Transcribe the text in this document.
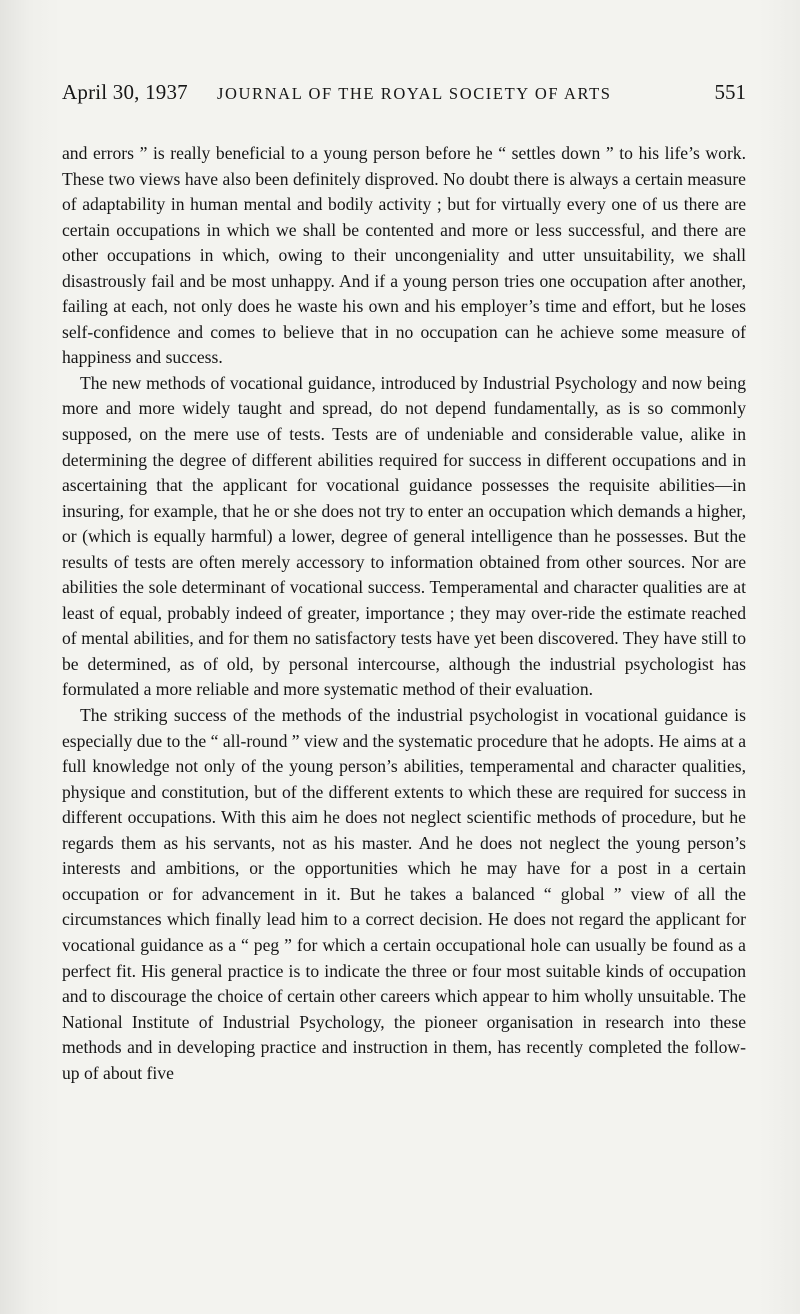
April 30, 1937 JOURNAL OF THE ROYAL SOCIETY OF ARTS	551

and errors ” is really beneficial to a young person before he “ settles down ” to his life’s work. These two views have also been definitely disproved. No doubt there is always a certain measure of adaptability in human mental and bodily activity ; but for virtually every one of us there are certain occupations in which we shall be contented and more or less successful, and there are other occupations in which, owing to their uncongeniality and utter unsuitability, we shall disastrously fail and be most unhappy. And if a young person tries one occupation after another, failing at each, not only does he waste his own and his employer’s time and effort, but he loses self-confidence and comes to believe that in no occupation can he achieve some measure of happiness and success.

The new methods of vocational guidance, introduced by Industrial Psychology and now being more and more widely taught and spread, do not depend fundamentally, as is so commonly supposed, on the mere use of tests. Tests are of undeniable and considerable value, alike in determining the degree of different abilities required for success in different occupations and in ascertaining that the applicant for vocational guidance possesses the requisite abilities—in insuring, for example, that he or she does not try to enter an occupation which demands a higher, or (which is equally harmful) a lower, degree of general intelligence than he possesses. But the results of tests are often merely accessory to information obtained from other sources. Nor are abilities the sole determinant of vocational success. Temperamental and character qualities are at least of equal, probably indeed of greater, importance ; they may over-ride the estimate reached of mental abilities, and for them no satisfactory tests have yet been discovered. They have still to be determined, as of old, by personal intercourse, although the industrial psychologist has formulated a more reliable and more systematic method of their evaluation.

The striking success of the methods of the industrial psychologist in vocational guidance is especially due to the “ all-round ” view and the systematic procedure that he adopts. He aims at a full knowledge not only of the young person’s abilities, temperamental and character qualities, physique and constitution, but of the different extents to which these are required for success in different occupations. With this aim he does not neglect scientific methods of procedure, but he regards them as his servants, not as his master. And he does not neglect the young person’s interests and ambitions, or the opportunities which he may have for a post in a certain occupation or for advancement in it. But he takes a balanced “ global ” view of all the circumstances which finally lead him to a correct decision. He does not regard the applicant for vocational guidance as a “ peg ” for which a certain occupational hole can usually be found as a perfect fit. His general practice is to indicate the three or four most suitable kinds of occupation and to discourage the choice of certain other careers which appear to him wholly unsuitable. The National Institute of Industrial Psychology, the pioneer organisation in research into these methods and in developing practice and instruction in them, has recently completed the follow-up of about five
